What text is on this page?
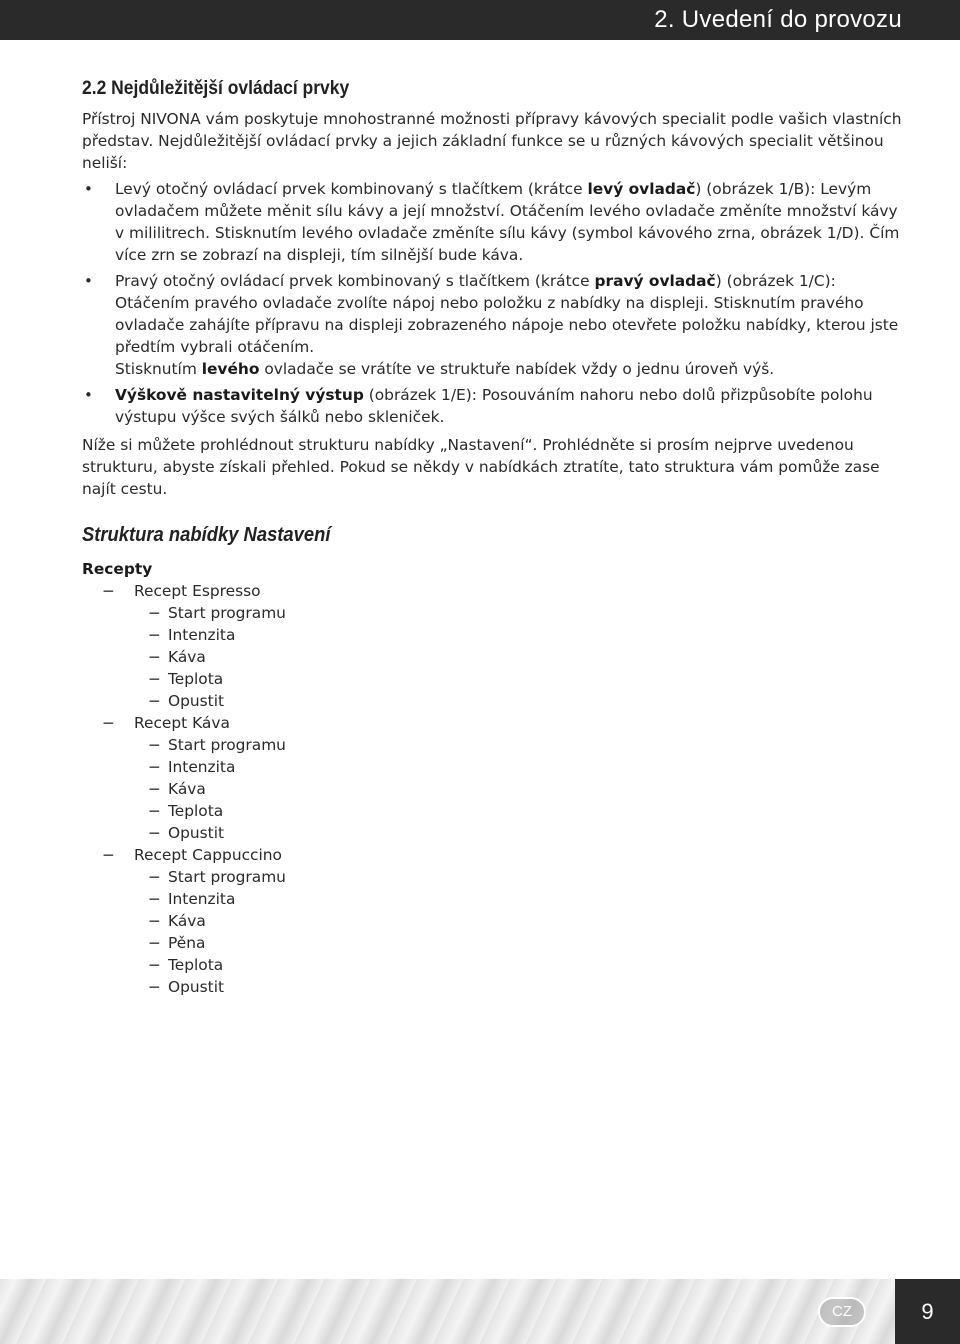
2. Uvedení do provozu
2.2 Nejdůležitější ovládací prvky

Přístroj NIVONA vám poskytuje mnohostranné možnosti přípravy kávových specialit podle vašich vlastních představ. Nejdůležitější ovládací prvky a jejich základní funkce se u různých kávových specialit většinou neliší:

• Levý otočný ovládací prvek kombinovaný s tlačítkem (krátce levý ovladač) (obrázek 1/B): Levým ovladačem můžete měnit sílu kávy a její množství. Otáčením levého ovladače změníte množství kávy v mililitrech. Stisknutím levého ovladače změníte sílu kávy (symbol kávového zrna, obrázek 1/D). Čím více zrn se zobrazí na displeji, tím silnější bude káva.
• Pravý otočný ovládací prvek kombinovaný s tlačítkem (krátce pravý ovladač) (obrázek 1/C): Otáčením pravého ovladače zvolíte nápoj nebo položku z nabídky na displeji. Stisknutím pravého ovladače zahájíte přípravu na displeji zobrazeného nápoje nebo otevřete položku nabídky, kterou jste předtím vybrali otáčením.
Stisknutím levého ovladače se vrátíte ve struktuře nabídek vždy o jednu úroveň výš.
• Výškově nastavitelný výstup (obrázek 1/E): Posouváním nahoru nebo dolů přizpůsobíte polohu výstupu výšce svých šálků nebo skleniček.

Níže si můžete prohlédnout strukturu nabídky „Nastavení“. Prohlédněte si prosím nejprve uvedenou strukturu, abyste získali přehled. Pokud se někdy v nabídkách ztratíte, tato struktura vám pomůže zase najít cestu.

Struktura nabídky Nastavení
Recepty
− Recept Espresso
− Start programu
− Intenzita
− Káva
− Teplota
− Opustit
− Recept Káva
− Start programu
− Intenzita
− Káva
− Teplota
− Opustit
− Recept Cappuccino
− Start programu
− Intenzita
− Káva
− Pěna
− Teplota
− Opustit
CZ	9
